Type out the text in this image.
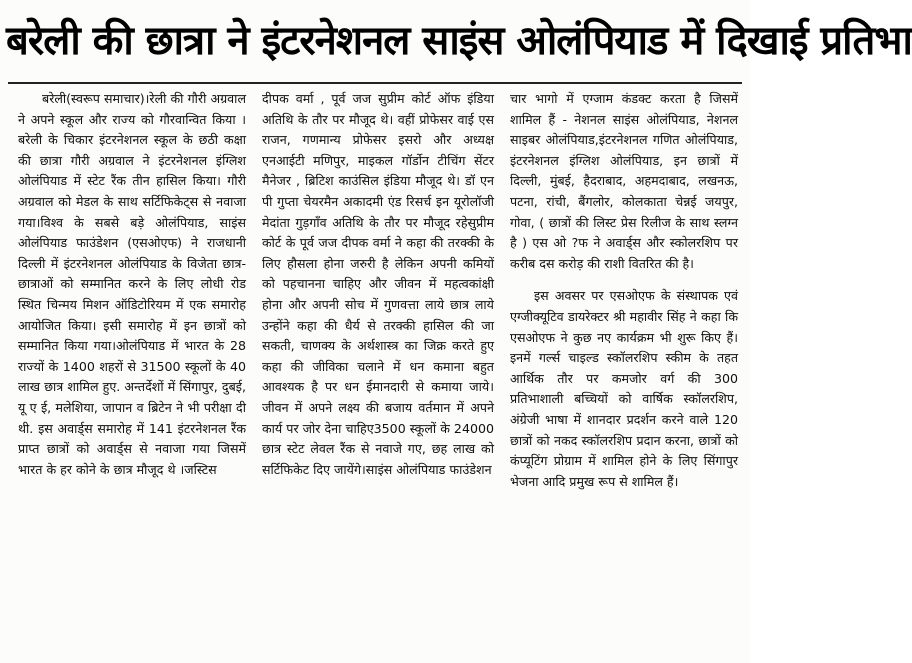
बरेली की छात्रा ने इंटरनेशनल साइंस ओलंपियाड में दिखाई प्रतिभा

बरेली(स्वरूप समाचार)।रेली की गौरी अग्रवाल ने अपने स्कूल और राज्य को गौरवान्वित किया । बरेली के चिकार इंटरनेशनल स्कूल के छठी कक्षा की छात्रा गौरी अग्रवाल ने इंटरनेशनल इंग्लिश ओलंपियाड में स्टेट रैंक तीन हासिल किया। गौरी अग्रवाल को मेडल के साथ सर्टिफिकेट्स से नवाजा गया।विश्व के सबसे बड़े ओलंपियाड, साइंस ओलंपियाड फाउंडेशन (एसओएफ) ने राजधानी दिल्ली में इंटरनेशनल ओलंपियाड के विजेता छात्र-छात्राओं को सम्मानित करने के लिए लोधी रोड स्थित चिन्मय मिशन ऑडिटोरियम में एक समारोह आयोजित किया। इसी समारोह में इन छात्रों को सम्मानित किया गया।ओलंपियाड में भारत के 28 राज्यों के 1400 शहरों से 31500 स्कूलों के 40 लाख छात्र शामिल हुए. अन्तर्देशों में सिंगापुर, दुबई, यू ए ई, मलेशिया, जापान व ब्रिटेन ने भी परीक्षा दी थी. इस अवार्ड्स समारोह में 141 इंटरनेशनल रैंक प्राप्त छात्रों को अवार्ड्स से नवाजा गया जिसमें भारत के हर कोने के छात्र मौजूद थे ।जस्टिस

दीपक वर्मा , पूर्व जज सुप्रीम कोर्ट ऑफ इंडिया अतिथि के तौर पर मौजूद थे। वहीं प्रोफेसर वाई एस राजन, गणमान्य प्रोफेसर इसरो और अध्यक्ष एनआईटी मणिपुर, माइकल गॉर्डोन टीचिंग सेंटर मैनेजर , ब्रिटिश काउंसिल इंडिया मौजूद थे। डॉ एन पी गुप्ता चेयरमैन अकादमी एंड रिसर्च इन यूरोलॉजी मेदांता गुड़गाँव अतिथि के तौर पर मौजूद रहेसुप्रीम कोर्ट के पूर्व जज दीपक वर्मा ने कहा की तरक्की के लिए हौसला होना जरुरी है लेकिन अपनी कमियों को पहचानना चाहिए और जीवन में महत्वकांक्षी होना और अपनी सोच में गुणवत्ता लाये छात्र लाये उन्होंने कहा की धैर्य से तरक्की हासिल की जा सकती, चाणक्य के अर्थशास्त्र का जिक्र करते हुए कहा की जीविका चलाने में धन कमाना बहुत आवश्यक है पर धन ईमानदारी से कमाया जाये। जीवन में अपने लक्ष्य की बजाय वर्तमान में अपने कार्य पर जोर देना चाहिए3500 स्कूलों के 24000 छात्र स्टेट लेवल रैंक से नवाजे गए, छह लाख को सर्टिफिकेट दिए जायेंगे।साइंस ओलंपियाड फाउंडेशन

चार भागो में एग्जाम कंडक्ट करता है जिसमें शामिल हैं - नेशनल साइंस ओलंपियाड, नेशनल साइबर ओलंपियाड,इंटरनेशनल गणित ओलंपियाड, इंटरनेशनल इंग्लिश ओलंपियाड, इन छात्रों में दिल्ली, मुंबई, हैदराबाद, अहमदाबाद, लखनऊ, पटना, रांची, बैंगलोर, कोलकाता चेन्नई जयपुर, गोवा, ( छात्रों की लिस्ट प्रेस रिलीज के साथ स्लग्न है ) एस ओ ?फ ने अवार्ड्स और स्कोलरशिप पर करीब दस करोड़ की राशी वितरित की है।

इस अवसर पर एसओएफ के संस्थापक एवं एग्जीक्यूटिव डायरेक्टर श्री महावीर सिंह ने कहा कि एसओएफ ने कुछ नए कार्यक्रम भी शुरू किए हैं। इनमें गर्ल्स चाइल्ड स्कॉलरशिप स्कीम के तहत आर्थिक तौर पर कमजोर वर्ग की 300 प्रतिभाशाली बच्चियों को वार्षिक स्कॉलरशिप, अंग्रेजी भाषा में शानदार प्रदर्शन करने वाले 120 छात्रों को नकद स्कॉलरशिप प्रदान करना, छात्रों को कंप्यूटिंग प्रोग्राम में शामिल होने के लिए सिंगापुर भेजना आदि प्रमुख रूप से शामिल हैं।
